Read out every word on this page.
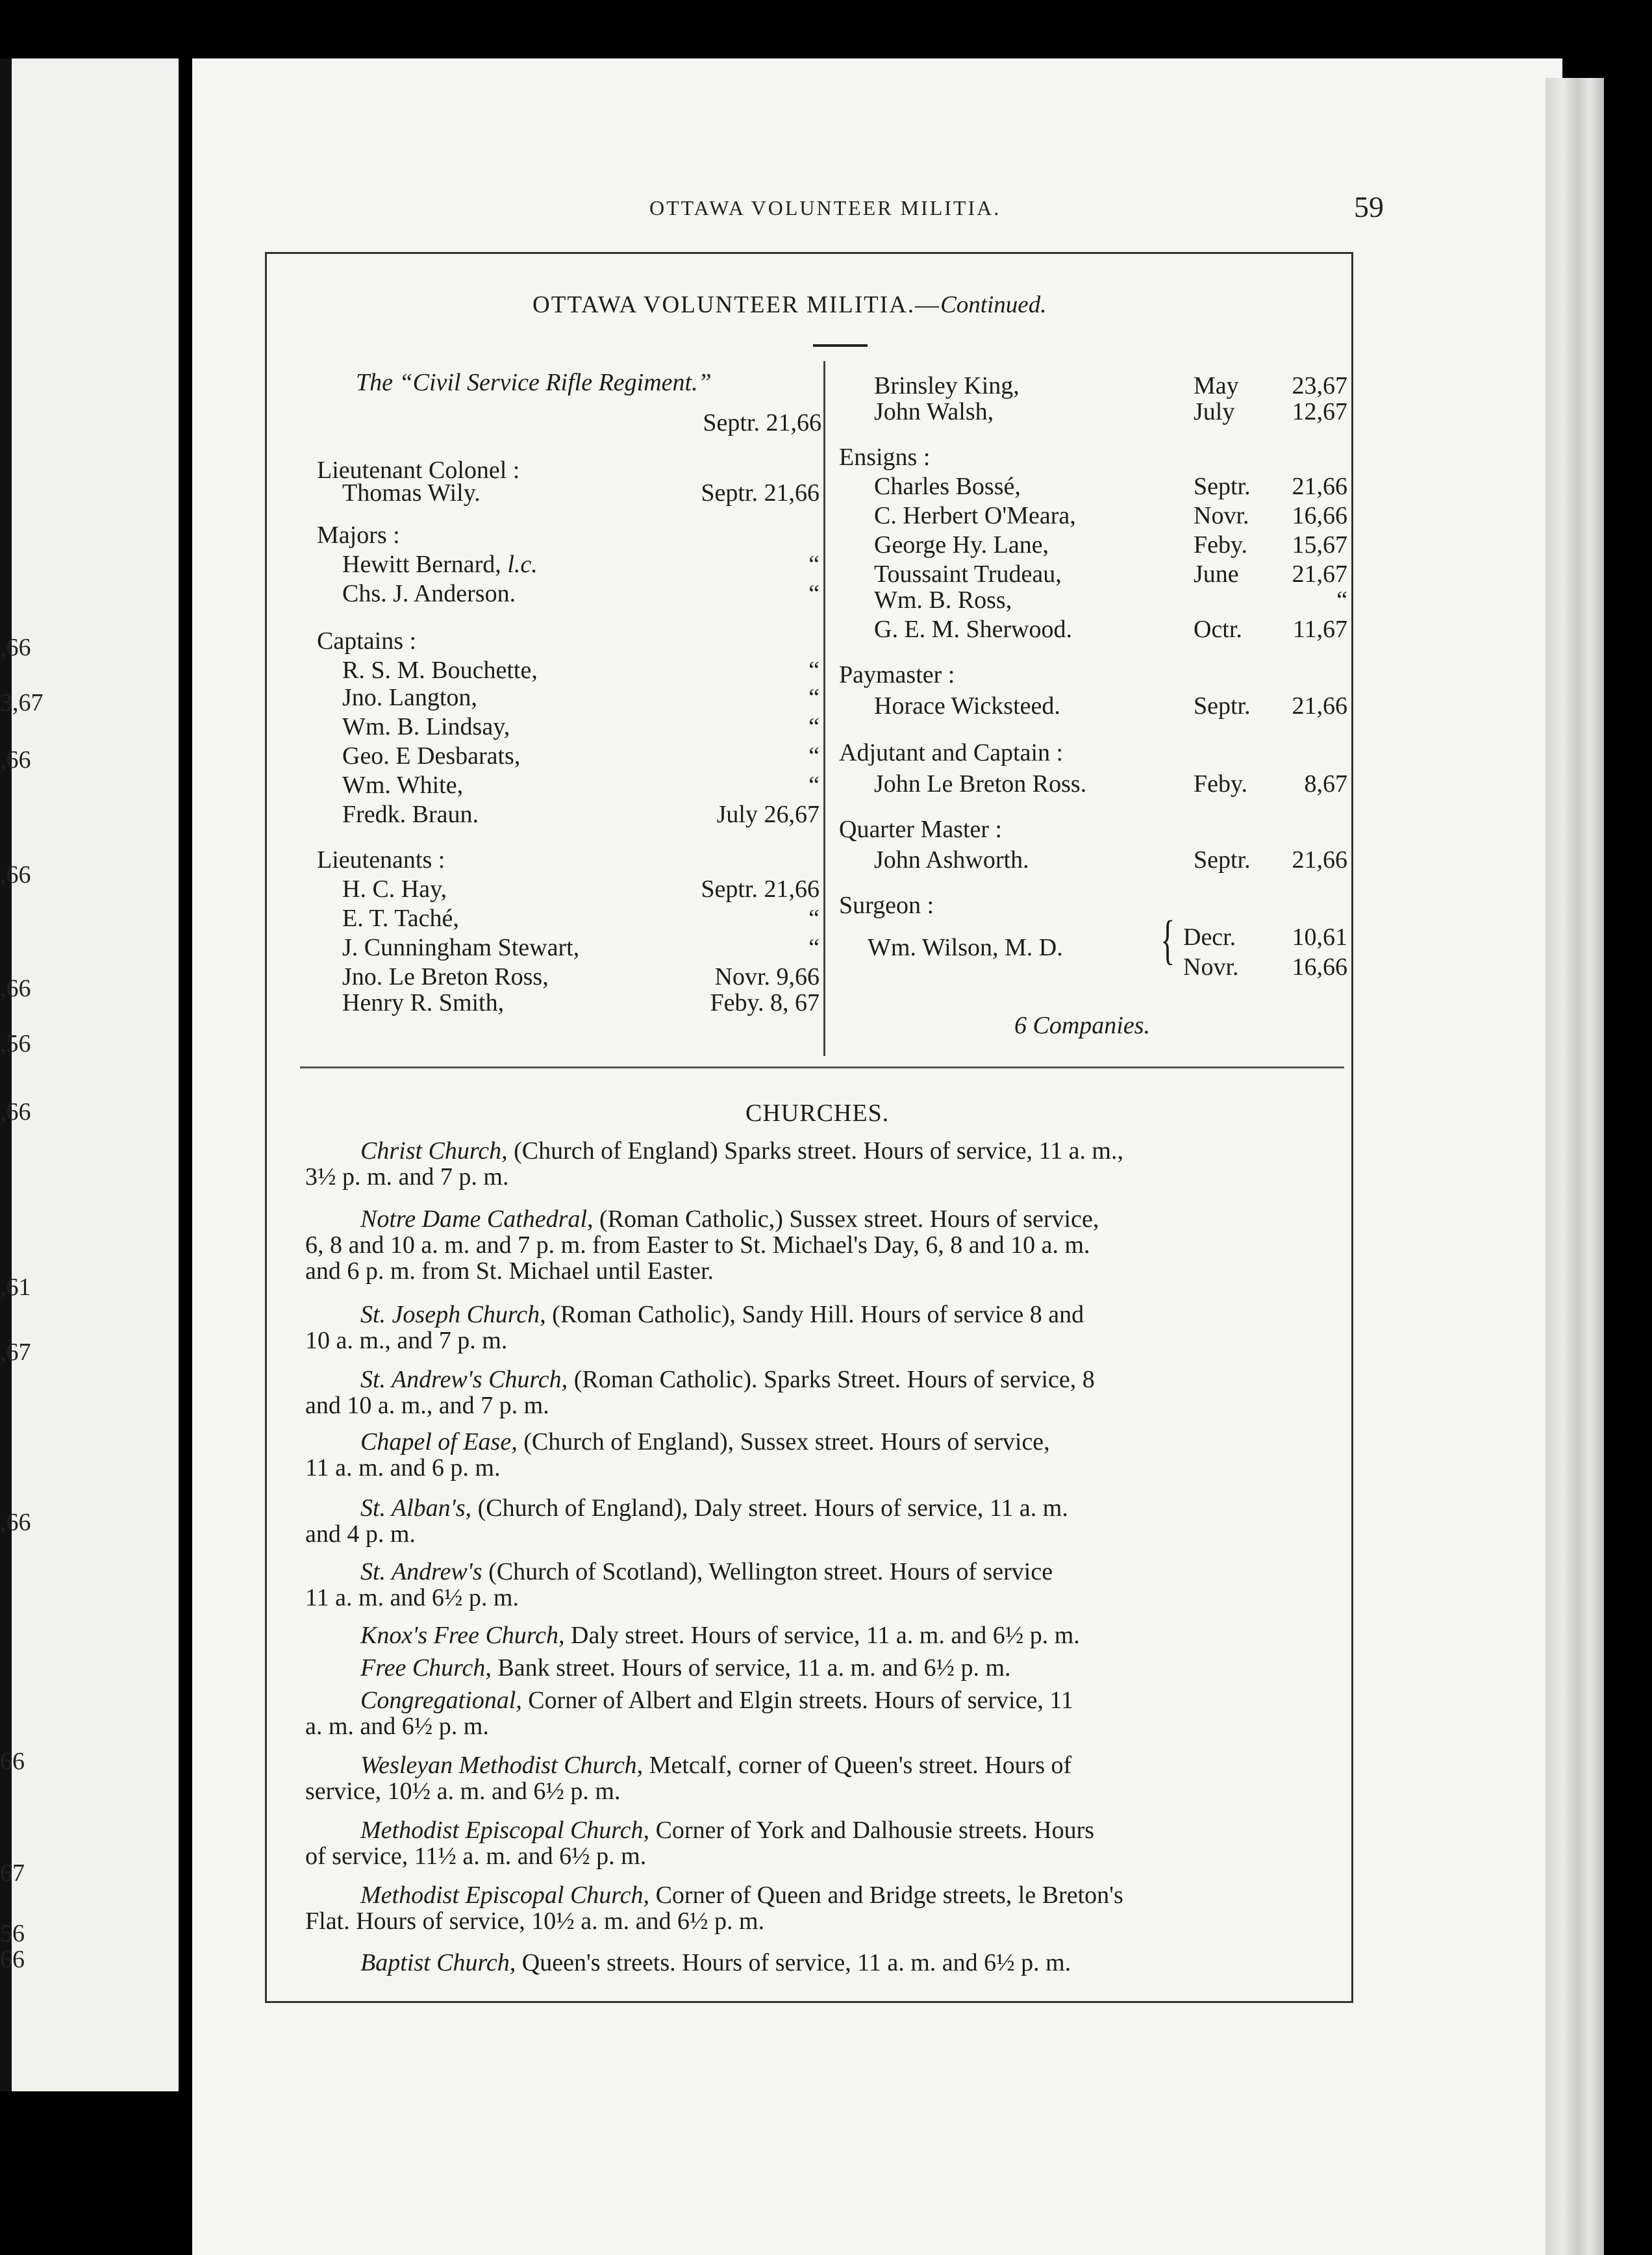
,66
3,67
,66
,66
,66
,56
,66
,61
,67
,66
66
67
56
66
OTTAWA VOLUNTEER MILITIA.	59
OTTAWA VOLUNTEER MILITIA.—Continued.
The “Civil Service Rifle Regiment.”
Septr. 21,66
Lieutenant Colonel :
Thomas Wily.	Septr. 21,66
Majors :
Hewitt Bernard, l.c.	“
Chs. J. Anderson.	“
Captains :
R. S. M. Bouchette,	“
Jno. Langton,	“
Wm. B. Lindsay,	“
Geo. E Desbarats,	“
Wm. White,	“
Fredk. Braun.	July 26,67
Lieutenants :
H. C. Hay,	Septr. 21,66
E. T. Taché,	“
J. Cunningham Stewart,	“
Jno. Le Breton Ross,	Novr. 9,66
Henry R. Smith,	Feby. 8, 67
Brinsley King,	May	23,67
John Walsh,	July	12,67
Ensigns :
Charles Bossé,	Septr.	21,66
C. Herbert O'Meara,	Novr.	16,66
George Hy. Lane,	Feby.	15,67
Toussaint Trudeau,	June	21,67
Wm. B. Ross,	“
G. E. M. Sherwood.	Octr.	11,67
Paymaster :
Horace Wicksteed.	Septr.	21,66
Adjutant and Captain :
John Le Breton Ross.	Feby.	8,67
Quarter Master :
John Ashworth.	Septr.	21,66
Surgeon :
Wm. Wilson, M. D. { Decr.	10,61
Novr.	16,66
6 Companies.
CHURCHES.
Christ Church, (Church of England) Sparks street. Hours of service, 11 a. m.,
3½ p. m. and 7 p. m.
Notre Dame Cathedral, (Roman Catholic,) Sussex street. Hours of service,
6, 8 and 10 a. m. and 7 p. m. from Easter to St. Michael's Day, 6, 8 and 10 a. m.
and 6 p. m. from St. Michael until Easter.
St. Joseph Church, (Roman Catholic), Sandy Hill. Hours of service 8 and
10 a. m., and 7 p. m.
St. Andrew's Church, (Roman Catholic). Sparks Street. Hours of service, 8
and 10 a. m., and 7 p. m.
Chapel of Ease, (Church of England), Sussex street. Hours of service,
11 a. m. and 6 p. m.
St. Alban's, (Church of England), Daly street. Hours of service, 11 a. m.
and 4 p. m.
St. Andrew's (Church of Scotland), Wellington street. Hours of service
11 a. m. and 6½ p. m.
Knox's Free Church, Daly street. Hours of service, 11 a. m. and 6½ p. m.
Free Church, Bank street. Hours of service, 11 a. m. and 6½ p. m.
Congregational, Corner of Albert and Elgin streets. Hours of service, 11
a. m. and 6½ p. m.
Wesleyan Methodist Church, Metcalf, corner of Queen's street. Hours of
service, 10½ a. m. and 6½ p. m.
Methodist Episcopal Church, Corner of York and Dalhousie streets. Hours
of service, 11½ a. m. and 6½ p. m.
Methodist Episcopal Church, Corner of Queen and Bridge streets, le Breton's
Flat. Hours of service, 10½ a. m. and 6½ p. m.
Baptist Church, Queen's streets. Hours of service, 11 a. m. and 6½ p. m.
